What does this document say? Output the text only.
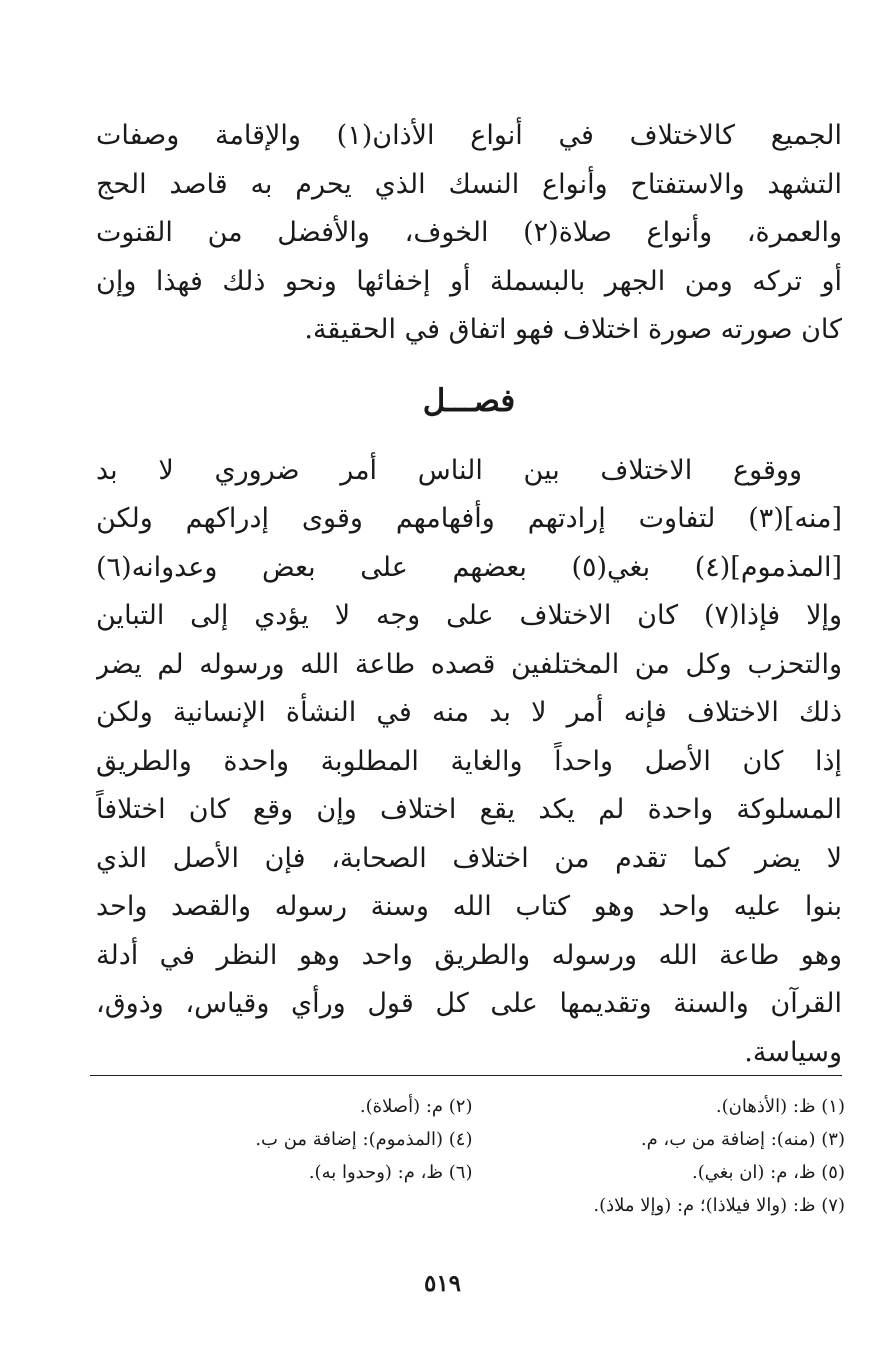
الجميع كالاختلاف في أنواع الأذان(١) والإقامة وصفات
التشهد والاستفتاح وأنواع النسك الذي يحرم به قاصد الحج
والعمرة، وأنواع صلاة(٢) الخوف، والأفضل من القنوت
أو تركه ومن الجهر بالبسملة أو إخفائها ونحو ذلك فهذا وإن
كان صورته صورة اختلاف فهو اتفاق في الحقيقة.
فصـــل
ووقوع الاختلاف بين الناس أمر ضروري لا بد
[منه](٣) لتفاوت إرادتهم وأفهامهم وقوى إدراكهم ولكن
[المذموم](٤) بغي(٥) بعضهم على بعض وعدوانه(٦)
وإلا فإذا(٧) كان الاختلاف على وجه لا يؤدي إلى التباين
والتحزب وكل من المختلفين قصده طاعة الله ورسوله لم يضر
ذلك الاختلاف فإنه أمر لا بد منه في النشأة الإنسانية ولكن
إذا كان الأصل واحداً والغاية المطلوبة واحدة والطريق
المسلوكة واحدة لم يكد يقع اختلاف وإن وقع كان اختلافاً
لا يضر كما تقدم من اختلاف الصحابة، فإن الأصل الذي
بنوا عليه واحد وهو كتاب الله وسنة رسوله والقصد واحد
وهو طاعة الله ورسوله والطريق واحد وهو النظر في أدلة
القرآن والسنة وتقديمها على كل قول ورأي وقياس، وذوق،
وسياسة.
(١) ظ: (الأذهان).
(٢) م: (أصلاة).
(٣) (منه): إضافة من ب، م.
(٤) (المذموم): إضافة من ب.
(٥) ظ، م: (ان بغي).
(٦) ظ، م: (وحدوا به).
(٧) ظ: (والا فيلاذا)؛ م: (وإلا ملاذ).
٥١٩
